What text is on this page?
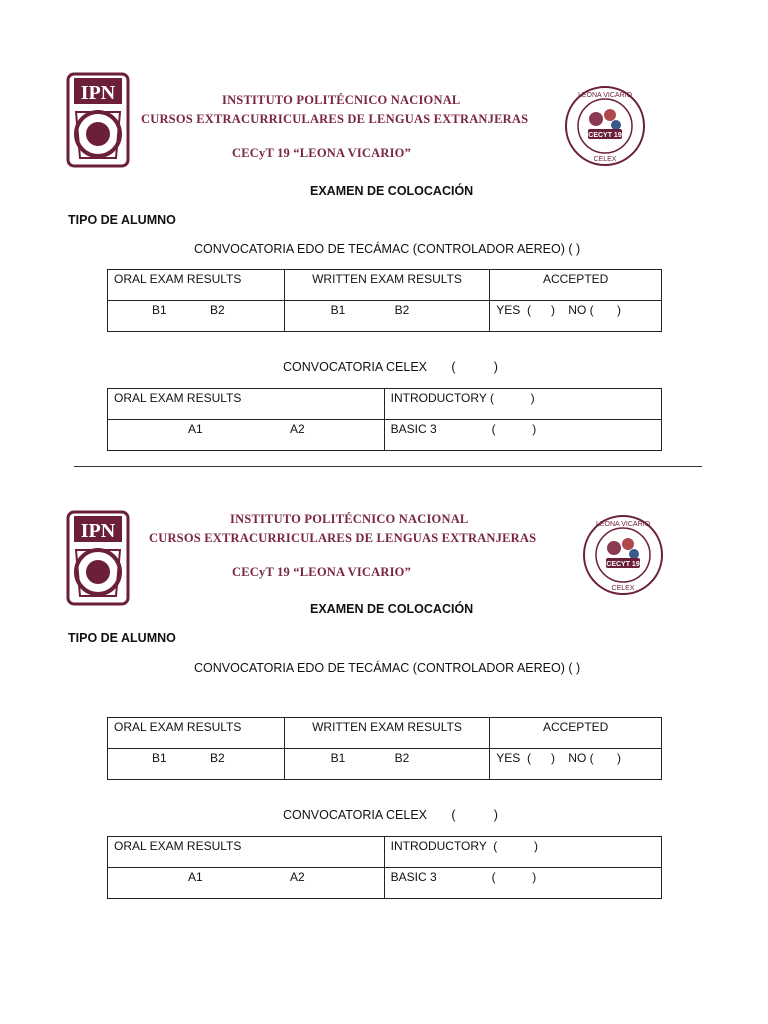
IPN
CECYT 19
LEONA VICARIO
CELEX
INSTITUTO POLITÉCNICO NACIONAL
CURSOS EXTRACURRICULARES DE LENGUAS EXTRANJERAS
CECyT 19 “LEONA VICARIO”
EXAMEN DE COLOCACIÓN
TIPO DE ALUMNO
CONVOCATORIA EDO DE TECÁMAC (CONTROLADOR AEREO) ( )
ORAL EXAM RESULTS	WRITTEN EXAM RESULTS	ACCEPTED
B1 B2	B1 B2	YES  (      )    NO (       )
CONVOCATORIA CELEX       (           )
ORAL EXAM RESULTS	INTRODUCTORY (           )
A1 A2	BASIC 3 (           )
IPN
CECYT 19
LEONA VICARIO
CELEX
INSTITUTO POLITÉCNICO NACIONAL
CURSOS EXTRACURRICULARES DE LENGUAS EXTRANJERAS
CECyT 19 “LEONA VICARIO”
EXAMEN DE COLOCACIÓN
TIPO DE ALUMNO
CONVOCATORIA EDO DE TECÁMAC (CONTROLADOR AEREO) ( )
ORAL EXAM RESULTS	WRITTEN EXAM RESULTS	ACCEPTED
B1 B2	B1 B2	YES  (      )    NO (       )
CONVOCATORIA CELEX       (           )
ORAL EXAM RESULTS	INTRODUCTORY  (           )
A1 A2	BASIC 3 (           )
